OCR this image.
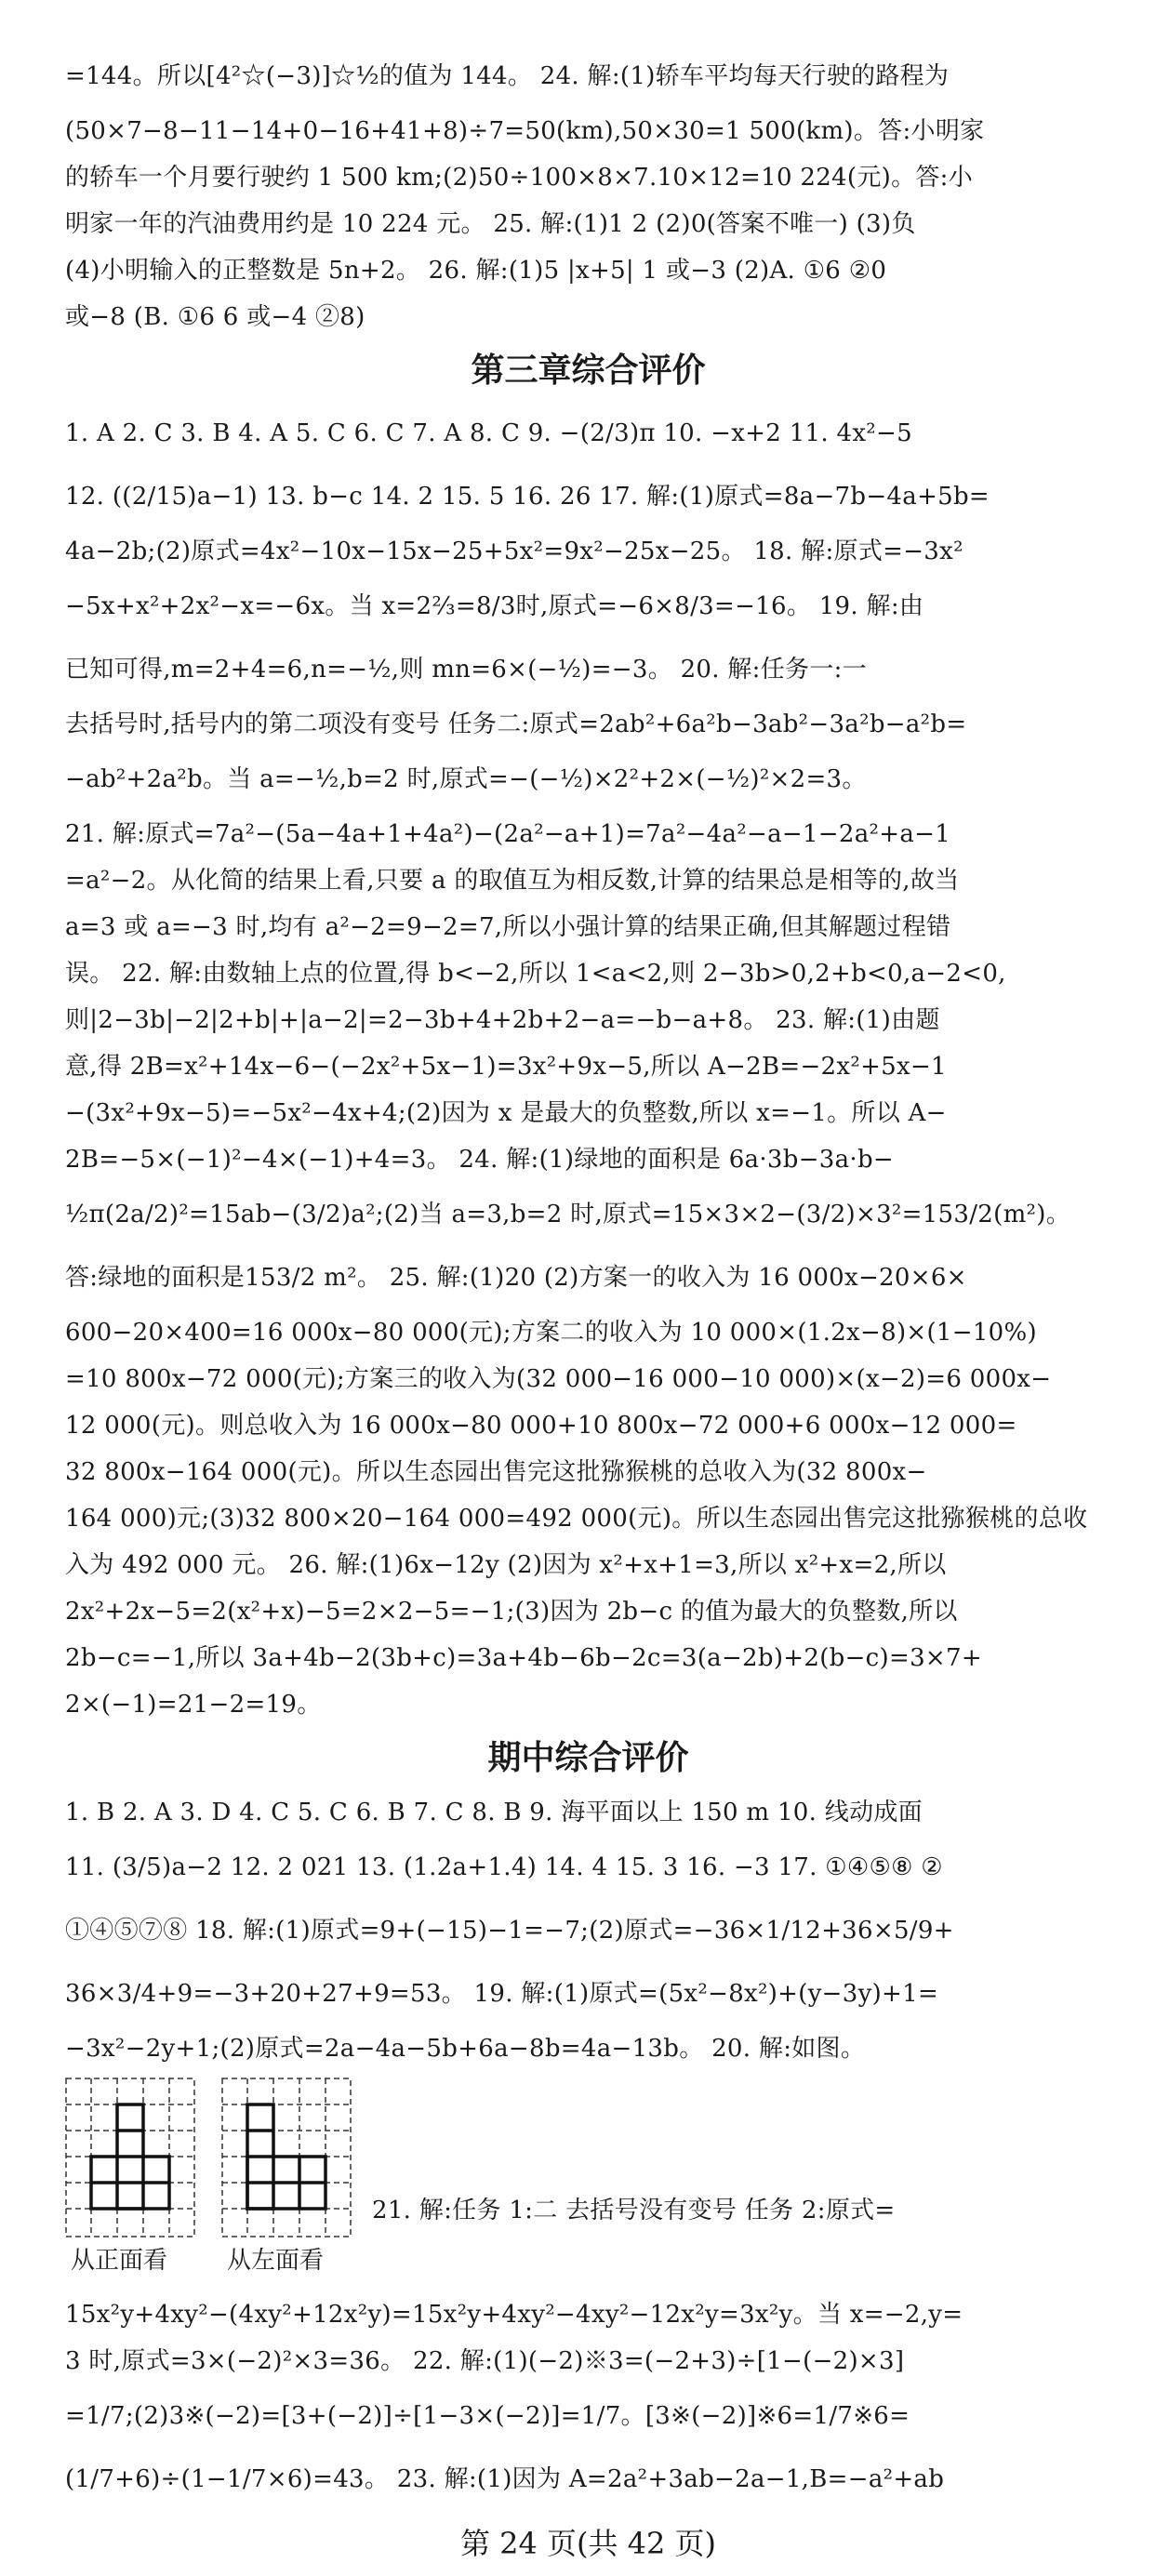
=144。所以[4²☆(−3)]☆½的值为 144。 24. 解:(1)轿车平均每天行驶的路程为
(50×7−8−11−14+0−16+41+8)÷7=50(km),50×30=1 500(km)。答:小明家
的轿车一个月要行驶约 1 500 km;(2)50÷100×8×7.10×12=10 224(元)。答:小
明家一年的汽油费用约是 10 224 元。 25. 解:(1)1 2 (2)0(答案不唯一) (3)负
(4)小明输入的正整数是 5n+2。 26. 解:(1)5 |x+5| 1 或−3 (2)A. ①6 ②0
或−8 (B. ①6 6 或−4 ②8)
第三章综合评价
1. A 2. C 3. B 4. A 5. C 6. C 7. A 8. C 9. −(2/3)π 10. −x+2 11. 4x²−5
12. ((2/15)a−1) 13. b−c 14. 2 15. 5 16. 26 17. 解:(1)原式=8a−7b−4a+5b=
4a−2b;(2)原式=4x²−10x−15x−25+5x²=9x²−25x−25。 18. 解:原式=−3x²
−5x+x²+2x²−x=−6x。当 x=2⅔=8/3时,原式=−6×8/3=−16。 19. 解:由
已知可得,m=2+4=6,n=−½,则 mn=6×(−½)=−3。 20. 解:任务一:一
去括号时,括号内的第二项没有变号 任务二:原式=2ab²+6a²b−3ab²−3a²b−a²b=
−ab²+2a²b。当 a=−½,b=2 时,原式=−(−½)×2²+2×(−½)²×2=3。
21. 解:原式=7a²−(5a−4a+1+4a²)−(2a²−a+1)=7a²−4a²−a−1−2a²+a−1
=a²−2。从化简的结果上看,只要 a 的取值互为相反数,计算的结果总是相等的,故当
a=3 或 a=−3 时,均有 a²−2=9−2=7,所以小强计算的结果正确,但其解题过程错
误。 22. 解:由数轴上点的位置,得 b<−2,所以 1<a<2,则 2−3b>0,2+b<0,a−2<0,
则|2−3b|−2|2+b|+|a−2|=2−3b+4+2b+2−a=−b−a+8。 23. 解:(1)由题
意,得 2B=x²+14x−6−(−2x²+5x−1)=3x²+9x−5,所以 A−2B=−2x²+5x−1
−(3x²+9x−5)=−5x²−4x+4;(2)因为 x 是最大的负整数,所以 x=−1。所以 A−
2B=−5×(−1)²−4×(−1)+4=3。 24. 解:(1)绿地的面积是 6a·3b−3a·b−
½π(2a/2)²=15ab−(3/2)a²;(2)当 a=3,b=2 时,原式=15×3×2−(3/2)×3²=153/2(m²)。
答:绿地的面积是153/2 m²。 25. 解:(1)20 (2)方案一的收入为 16 000x−20×6×
600−20×400=16 000x−80 000(元);方案二的收入为 10 000×(1.2x−8)×(1−10%)
=10 800x−72 000(元);方案三的收入为(32 000−16 000−10 000)×(x−2)=6 000x−
12 000(元)。则总收入为 16 000x−80 000+10 800x−72 000+6 000x−12 000=
32 800x−164 000(元)。所以生态园出售完这批猕猴桃的总收入为(32 800x−
164 000)元;(3)32 800×20−164 000=492 000(元)。所以生态园出售完这批猕猴桃的总收
入为 492 000 元。 26. 解:(1)6x−12y (2)因为 x²+x+1=3,所以 x²+x=2,所以
2x²+2x−5=2(x²+x)−5=2×2−5=−1;(3)因为 2b−c 的值为最大的负整数,所以
2b−c=−1,所以 3a+4b−2(3b+c)=3a+4b−6b−2c=3(a−2b)+2(b−c)=3×7+
2×(−1)=21−2=19。
期中综合评价
1. B 2. A 3. D 4. C 5. C 6. B 7. C 8. B 9. 海平面以上 150 m 10. 线动成面
11. (3/5)a−2 12. 2 021 13. (1.2a+1.4) 14. 4 15. 3 16. −3 17. ①④⑤⑧ ②
①④⑤⑦⑧ 18. 解:(1)原式=9+(−15)−1=−7;(2)原式=−36×1/12+36×5/9+
36×3/4+9=−3+20+27+9=53。 19. 解:(1)原式=(5x²−8x²)+(y−3y)+1=
−3x²−2y+1;(2)原式=2a−4a−5b+6a−8b=4a−13b。 20. 解:如图。
从正面看 从左面看
21. 解:任务 1:二 去括号没有变号 任务 2:原式=
15x²y+4xy²−(4xy²+12x²y)=15x²y+4xy²−4xy²−12x²y=3x²y。当 x=−2,y=
3 时,原式=3×(−2)²×3=36。 22. 解:(1)(−2)※3=(−2+3)÷[1−(−2)×3]
=1/7;(2)3※(−2)=[3+(−2)]÷[1−3×(−2)]=1/7。[3※(−2)]※6=1/7※6=
(1/7+6)÷(1−1/7×6)=43。 23. 解:(1)因为 A=2a²+3ab−2a−1,B=−a²+ab
第 24 页(共 42 页)
